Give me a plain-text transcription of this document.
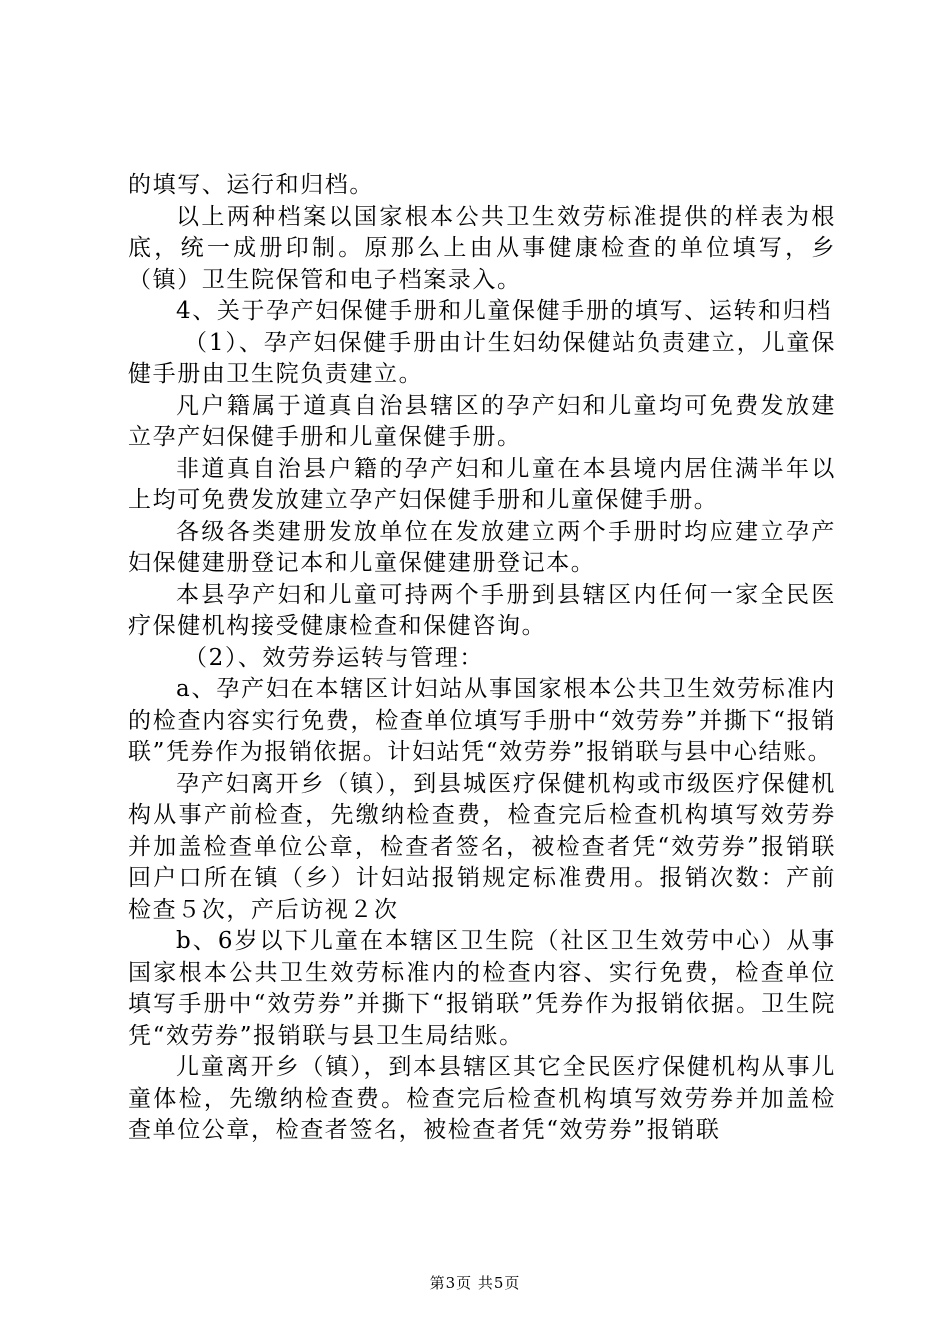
的填写、运行和归档。

以上两种档案以国家根本公共卫生效劳标准提供的样表为根底，统一成册印制。原那么上由从事健康检查的单位填写，乡（镇）卫生院保管和电子档案录入。

4、关于孕产妇保健手册和儿童保健手册的填写、运转和归档

（1）、孕产妇保健手册由计生妇幼保健站负责建立，儿童保健手册由卫生院负责建立。

凡户籍属于道真自治县辖区的孕产妇和儿童均可免费发放建立孕产妇保健手册和儿童保健手册。

非道真自治县户籍的孕产妇和儿童在本县境内居住满半年以上均可免费发放建立孕产妇保健手册和儿童保健手册。

各级各类建册发放单位在发放建立两个手册时均应建立孕产妇保健建册登记本和儿童保健建册登记本。

本县孕产妇和儿童可持两个手册到县辖区内任何一家全民医疗保健机构接受健康检查和保健咨询。

（2）、效劳券运转与管理：

a、孕产妇在本辖区计妇站从事国家根本公共卫生效劳标准内的检查内容实行免费，检查单位填写手册中“效劳券”并撕下“报销联”凭券作为报销依据。计妇站凭“效劳券”报销联与县中心结账。

孕产妇离开乡（镇），到县城医疗保健机构或市级医疗保健机构从事产前检查，先缴纳检查费，检查完后检查机构填写效劳券并加盖检查单位公章，检查者签名，被检查者凭“效劳券”报销联回户口所在镇（乡）计妇站报销规定标准费用。报销次数：产前检查５次，产后访视２次

b、6岁以下儿童在本辖区卫生院（社区卫生效劳中心）从事国家根本公共卫生效劳标准内的检查内容、实行免费，检查单位填写手册中“效劳券”并撕下“报销联”凭券作为报销依据。卫生院凭“效劳券”报销联与县卫生局结账。

儿童离开乡（镇），到本县辖区其它全民医疗保健机构从事儿童体检，先缴纳检查费。检查完后检查机构填写效劳券并加盖检查单位公章，检查者签名，被检查者凭“效劳券”报销联

第3页 共5页
